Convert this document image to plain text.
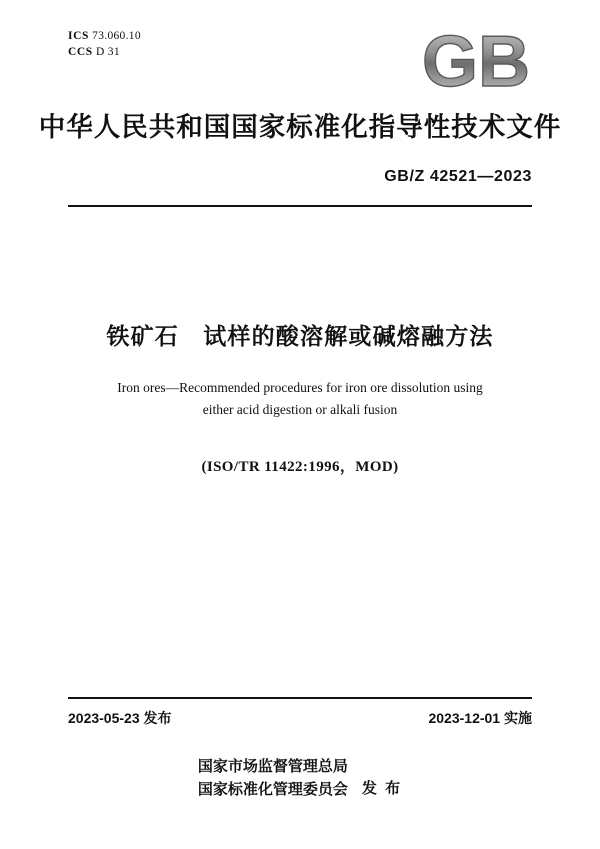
ICS 73.060.10
CCS D 31	GB
中华人民共和国国家标准化指导性技术文件
GB/Z 42521—2023
铁矿石　试样的酸溶解或碱熔融方法
Iron ores—Recommended procedures for iron ore dissolution using
either acid digestion or alkali fusion
(ISO/TR 11422:1996，MOD)
2023-05-23 发布	2023-12-01 实施
国家市场监督管理总局
国家标准化管理委员会 发 布
